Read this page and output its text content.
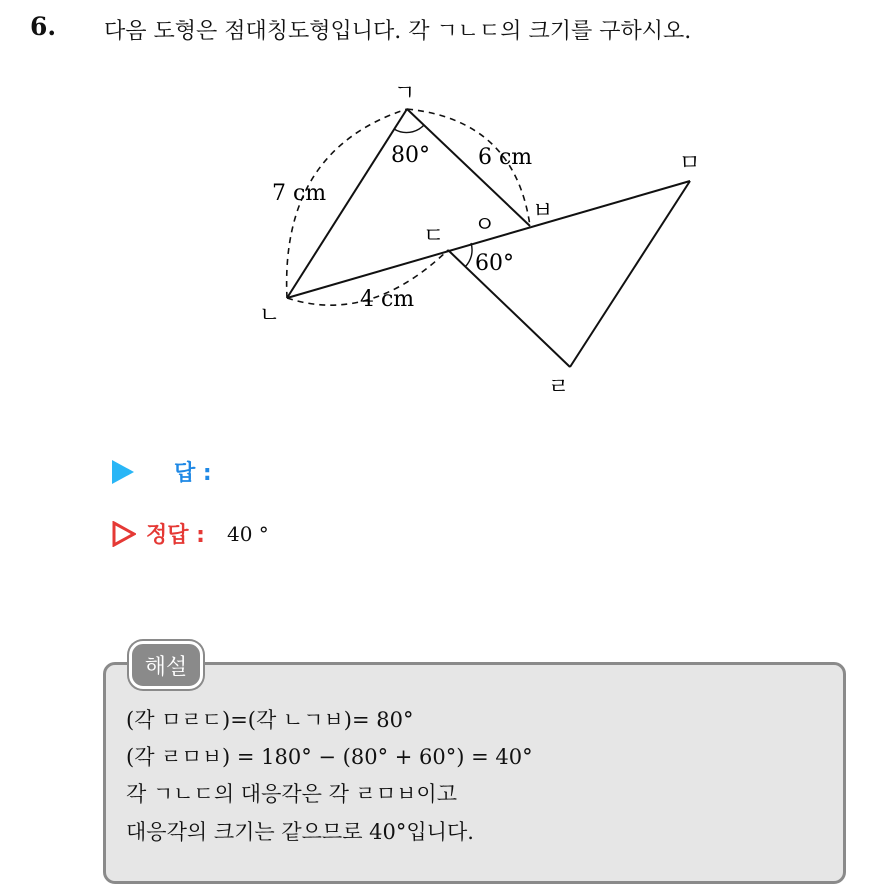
6. 다음 도형은 점대칭도형입니다. 각 ㄱㄴㄷ의 크기를 구하시오.
ㄱ
ㄴ
ㄷ ㅇ
ㅂ
ㅁ
ㄹ
80°
60°
7 cm
6 cm
4 cm
답 :
정답 : 40 °
해설
(각 ㅁㄹㄷ)=(각 ㄴㄱㅂ)= 80°
(각 ㄹㅁㅂ) = 180° − (80° + 60°) = 40°
각 ㄱㄴㄷ의 대응각은 각 ㄹㅁㅂ이고
대응각의 크기는 같으므로 40°입니다.
